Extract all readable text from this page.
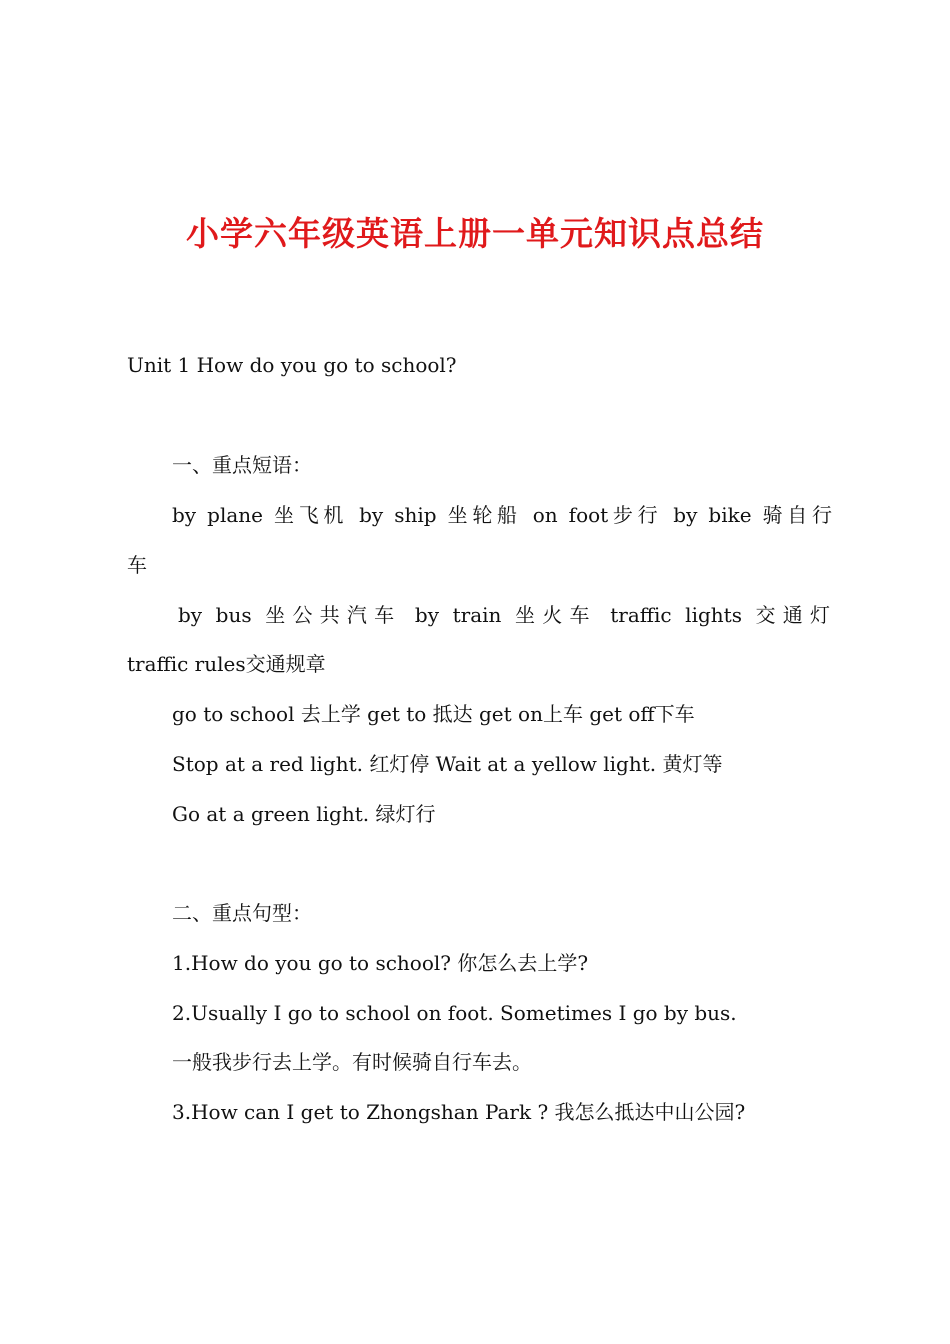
小学六年级英语上册一单元知识点总结
Unit 1 How do you go to school?
一、重点短语：
by plane 坐飞机 by ship 坐轮船 on foot步行 by bike 骑自行
车
by bus 坐公共汽车 by train 坐火车 traffic lights 交通灯
traffic rules交通规章
go to school 去上学 get to 抵达 get on上车 get off下车
Stop at a red light. 红灯停 Wait at a yellow light. 黄灯等
Go at a green light. 绿灯行
二、重点句型：
1.How do you go to school? 你怎么去上学?
2.Usually I go to school on foot. Sometimes I go by bus.
一般我步行去上学。有时候骑自行车去。
3.How can I get to Zhongshan Park ? 我怎么抵达中山公园?
